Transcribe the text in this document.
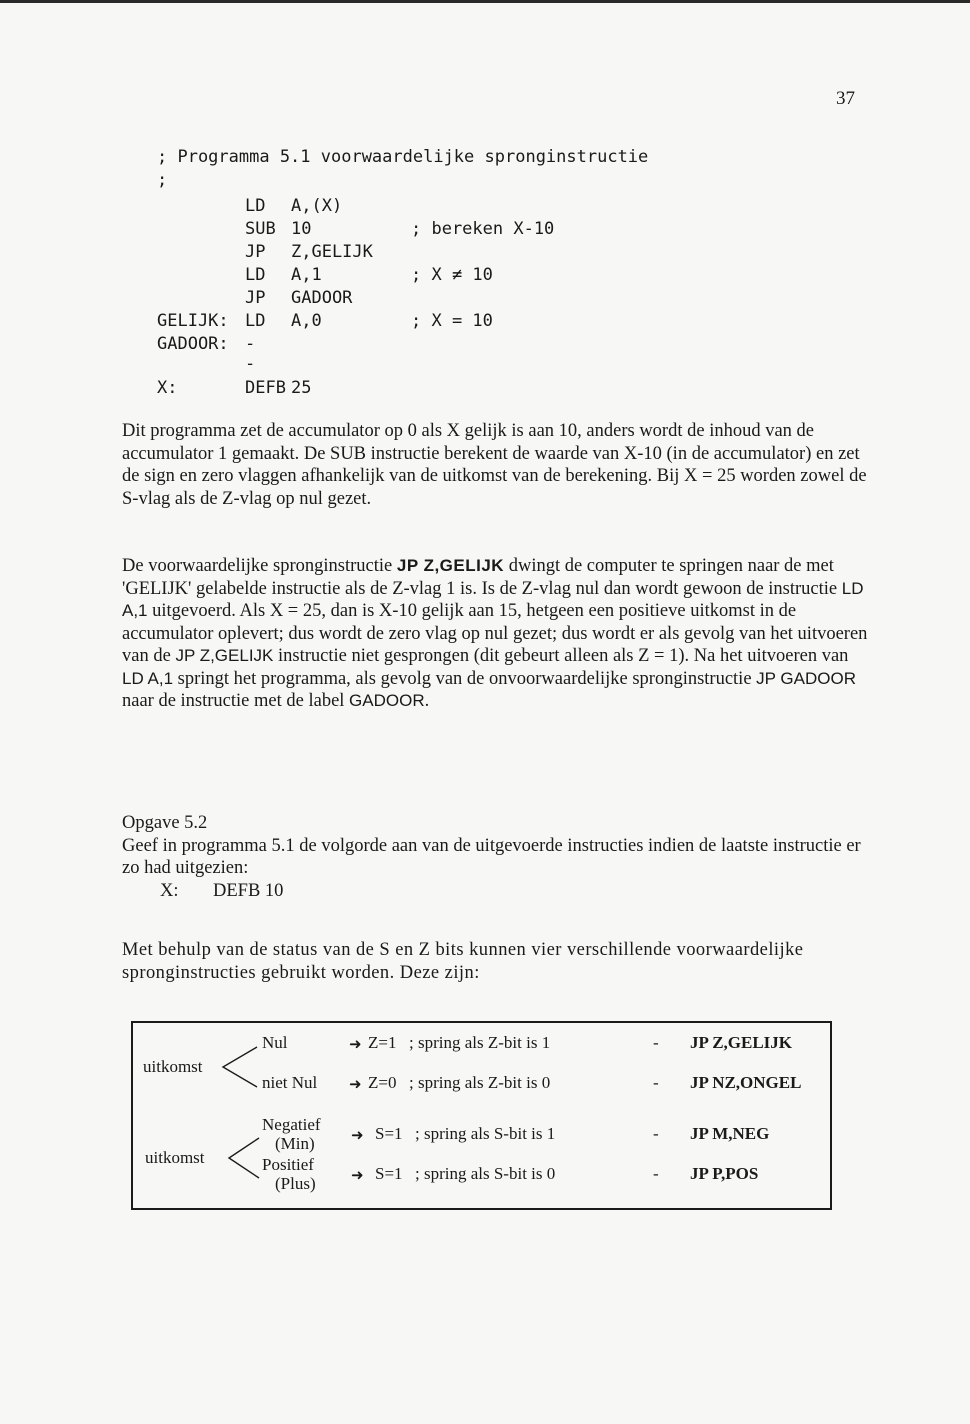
37
; Programma 5.1 voorwaardelijke spronginstructie
;
LD A,(X)
SUB 10	; bereken X-10
JP Z,GELIJK
LD A,1	; X ≠ 10
JP GADOOR
GELIJK: LD A,0	; X = 10
GADOOR: -
-
X:	DEFB 25

Dit programma zet de accumulator op 0 als X gelijk is aan 10, anders wordt de inhoud van de accumulator 1 gemaakt. De SUB instructie berekent de waarde van X-10 (in de accumulator) en zet de sign en zero vlaggen afhankelijk van de uitkomst van de berekening. Bij X = 25 worden zowel de S-vlag als de Z-vlag op nul gezet.

De voorwaardelijke spronginstructie JP Z,GELIJK dwingt de computer te springen naar de met 'GELIJK' gelabelde instructie als de Z-vlag 1 is. Is de Z-vlag nul dan wordt gewoon de instructie LD A,1 uitgevoerd. Als X = 25, dan is X-10 gelijk aan 15, hetgeen een positieve uitkomst in de accumulator oplevert; dus wordt de zero vlag op nul gezet; dus wordt er als gevolg van het uitvoeren van de JP Z,GELIJK instructie niet gesprongen (dit gebeurt alleen als Z = 1). Na het uitvoeren van LD A,1 springt het programma, als gevolg van de onvoorwaardelijke spronginstructie JP GADOOR naar de instructie met de label GADOOR.

Opgave 5.2

Geef in programma 5.1 de volgorde aan van de uitgevoerde instructies indien de laatste instructie er zo had uitgezien:

X: DEFB 10

Met behulp van de status van de S en Z bits kunnen vier verschillende voorwaardelijke spronginstructies gebruikt worden. Deze zijn:

uitkomst
Nul	➜ Z=1 ; spring als Z-bit is 1	- JP Z,GELIJK
niet Nul ➜ Z=0 ; spring als Z-bit is 0	- JP NZ,ONGEL
uitkomst
Negatief
(Min) ➜ S=1 ; spring als S-bit is 1	- JP M,NEG
Positief
(Plus) ➜ S=1 ; spring als S-bit is 0	- JP P,POS
